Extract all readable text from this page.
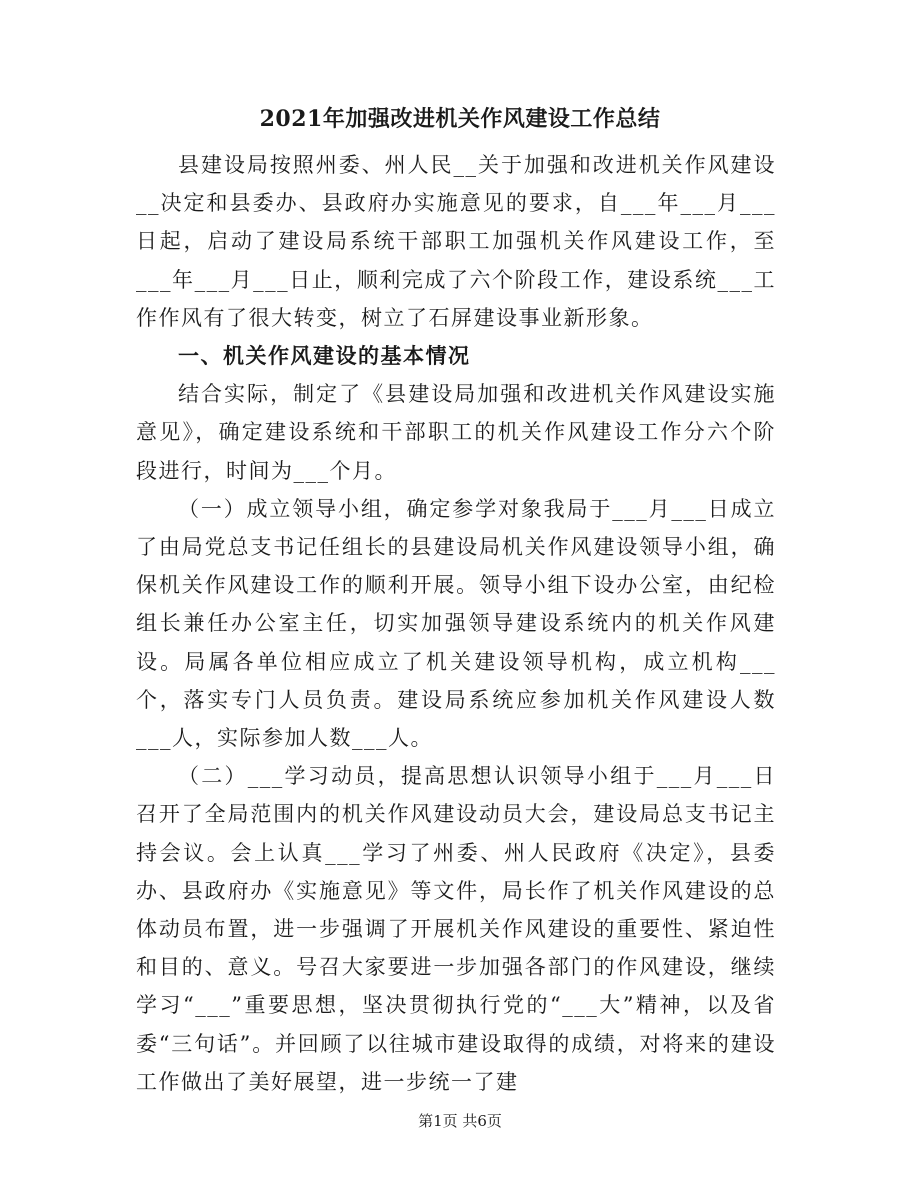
2021年加强改进机关作风建设工作总结

县建设局按照州委、州人民__关于加强和改进机关作风建设__决定和县委办、县政府办实施意见的要求，自___年___月___日起，启动了建设局系统干部职工加强机关作风建设工作，至___年___月___日止，顺利完成了六个阶段工作，建设系统___工作作风有了很大转变，树立了石屏建设事业新形象。

一、机关作风建设的基本情况

结合实际，制定了《县建设局加强和改进机关作风建设实施意见》，确定建设系统和干部职工的机关作风建设工作分六个阶段进行，时间为___个月。

（一）成立领导小组，确定参学对象我局于___月___日成立了由局党总支书记任组长的县建设局机关作风建设领导小组，确保机关作风建设工作的顺利开展。领导小组下设办公室，由纪检组长兼任办公室主任，切实加强领导建设系统内的机关作风建设。局属各单位相应成立了机关建设领导机构，成立机构___个，落实专门人员负责。建设局系统应参加机关作风建设人数___人，实际参加人数___人。

（二）___学习动员，提高思想认识领导小组于___月___日召开了全局范围内的机关作风建设动员大会，建设局总支书记主持会议。会上认真___学习了州委、州人民政府《决定》，县委办、县政府办《实施意见》等文件，局长作了机关作风建设的总体动员布置，进一步强调了开展机关作风建设的重要性、紧迫性和目的、意义。号召大家要进一步加强各部门的作风建设，继续学习“___”重要思想，坚决贯彻执行党的“___大”精神，以及省委“三句话”。并回顾了以往城市建设取得的成绩，对将来的建设工作做出了美好展望，进一步统一了建

第1页 共6页
